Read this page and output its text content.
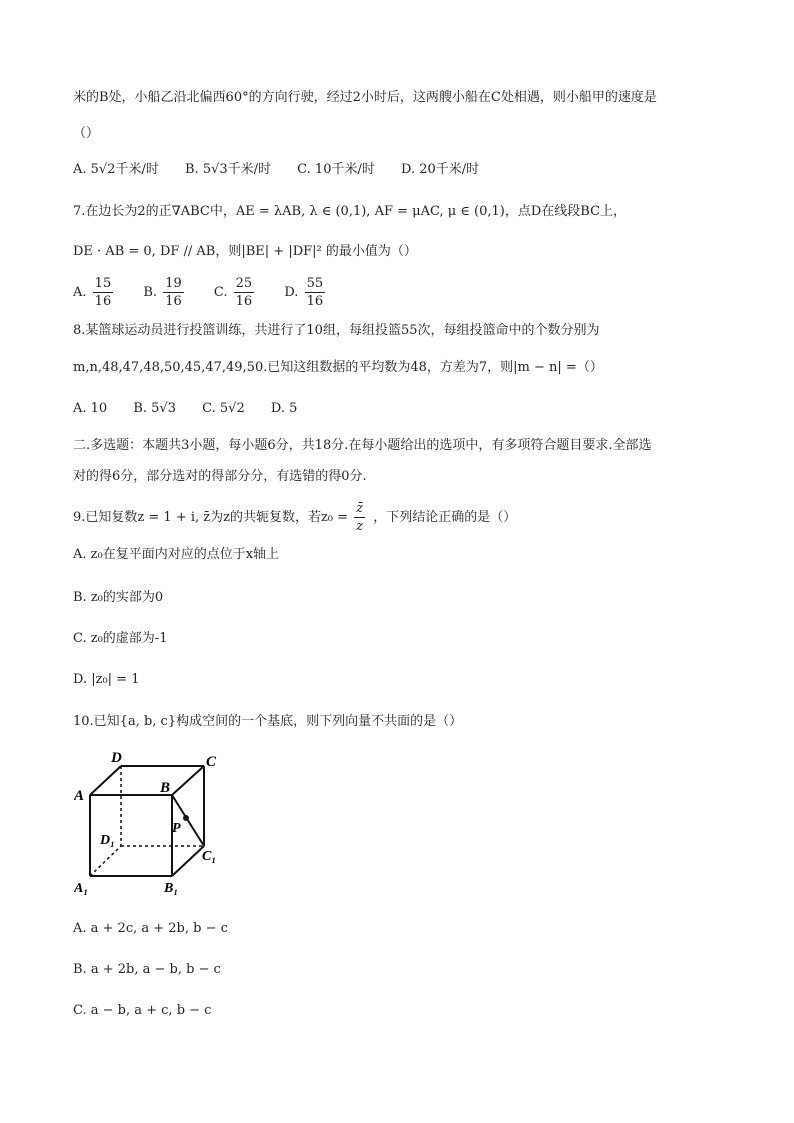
米的B处，小船乙沿北偏西60°的方向行驶，经过2小时后，这两艘小船在C处相遇，则小船甲的速度是
（）
A. 5√2千米/时 B. 5√3千米/时 C. 10千米/时 D. 20千米/时
7.在边长为2的正∇ABC中，AE = λAB, λ ∈ (0,1), AF = μAC, μ ∈ (0,1)，点D在线段BC上，
DE · AB = 0, DF // AB，则|BE| + |DF|² 的最小值为（）
A. $\frac{15}{16} B$. $\frac{19}{16} C$. $\frac{25}{16} D$. $\frac{55}{16}$
8.某篮球运动员进行投篮训练，共进行了10组，每组投篮55次，每组投篮命中的个数分别为
m,n,48,47,48,50,45,47,49,50.已知这组数据的平均数为48，方差为7，则|m − n| =（）
A. 10 B. 5√3 C. 5√2 D. 5
二.多选题：本题共3小题，每小题6分，共18分.在每小题给出的选项中，有多项符合题目要求.全部选
对的得6分，部分选对的得部分分，有选错的得0分.
9.已知复数z = 1 + i, z̄为z的共轭复数，若$z_0 = \frac{z̄}{z}$ ，下列结论正确的是（）
A. z₀在复平面内对应的点位于x轴上
B. z₀的实部为0
C. z₀的虚部为-1
D. |z₀| = 1
10.已知{a, b, c}构成空间的一个基底，则下列向量不共面的是（）
A
D	C
B
P
D₁
C₁
A₁	B₁
A. a + 2c, a + 2b, b − c
B. a + 2b, a − b, b − c
C. a − b, a + c, b − c
